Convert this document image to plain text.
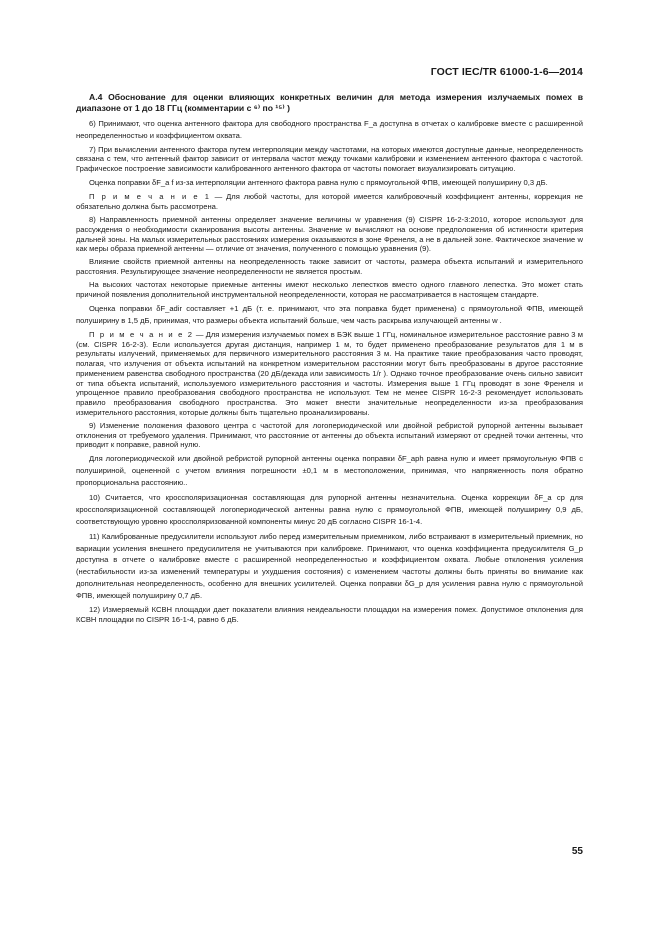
ГОСТ IEC/TR 61000-1-6—2014

А.4 Обоснование для оценки влияющих конкретных величин для метода измерения излучаемых помех в диапазоне от 1 до 18 ГГц (комментарии с ⁶⁾ по ¹⁵⁾ )

6) Принимают, что оценка антенного фактора для свободного пространства F_a доступна в отчетах о калибровке вместе с расширенной неопределенностью и коэффициентом охвата.

7) При вычислении антенного фактора путем интерполяции между частотами, на которых имеются доступные данные, неопределенность связана с тем, что антенный фактор зависит от интервала частот между точками калибровки и изменением антенного фактора с частотой. Графическое построение зависимости калиброванного антенного фактора от частоты помогает визуализировать ситуацию.

Оценка поправки δF_a f из-за интерполяции антенного фактора равна нулю с прямоугольной ФПВ, имеющей полуширину 0,3 дБ.

П р и м е ч а н и е 1 — Для любой частоты, для которой имеется калибровочный коэффициент антенны, коррекция не обязательно должна быть рассмотрена.

8) Направленность приемной антенны определяет значение величины w уравнения (9) CISPR 16-2-3:2010, которое используют для рассуждения о необходимости сканирования высоты антенны. Значение w вычисляют на основе предположения об истинности критерия дальней зоны. На малых измерительных расстояниях измерения оказываются в зоне Френеля, а не в дальней зоне. Фактическое значение w как меры образа приемной антенны — отличие от значения, полученного с помощью уравнения (9).

Влияние свойств приемной антенны на неопределенность также зависит от частоты, размера объекта испытаний и измерительного расстояния. Результирующее значение неопределенности не является простым.

На высоких частотах некоторые приемные антенны имеют несколько лепестков вместо одного главного лепестка. Это может стать причиной появления дополнительной инструментальной неопределенности, которая не рассматривается в настоящем стандарте.

Оценка поправки δF_adir составляет +1 дБ (т. е. принимают, что эта поправка будет применена) с прямоугольной ФПВ, имеющей полуширину в 1,5 дБ, принимая, что размеры объекта испытаний больше, чем часть раскрыва излучающей антенны w .

П р и м е ч а н и е 2 — Для измерения излучаемых помех в БЭК выше 1 ГГц, номинальное измерительное расстояние равно 3 м (см. CISPR 16-2-3). Если используется другая дистанция, например 1 м, то будет применено преобразование результатов для 1 м в результаты излучений, применяемых для первичного измерительного расстояния 3 м. На практике такие преобразования часто проводят, полагая, что излучения от объекта испытаний на конкретном измерительном расстоянии могут быть преобразованы в другое расстояние применением равенства свободного пространства (20 дБ/декада или зависимость 1/r ). Однако точное преобразование очень сильно зависит от типа объекта испытаний, используемого измерительного расстояния и частоты. Измерения выше 1 ГГц проводят в зоне Френеля и упрощенное правило преобразования свободного пространства не используют. Тем не менее CISPR 16-2-3 рекомендует использовать правило преобразования свободного пространства. Это может внести значительные неопределенности из-за преобразования измерительного расстояния, которые должны быть тщательно проанализированы.

9) Изменение положения фазового центра с частотой для логопериодической или двойной ребристой рупорной антенны вызывает отклонения от требуемого удаления. Принимают, что расстояние от антенны до объекта испытаний измеряют от средней точки антенны, что приводит к поправке, равной нулю.

Для логопериодической или двойной ребристой рупорной антенны оценка поправки δF_aph равна нулю и имеет прямоугольную ФПВ с полушириной, оцененной с учетом влияния погрешности ±0,1 м в местоположении, принимая, что напряженность поля обратно пропорциональна расстоянию..

10) Считается, что кроссполяризационная составляющая для рупорной антенны незначительна. Оценка коррекции δF_a cp для кроссполяризационной составляющей логопериодической антенны равна нулю с прямоугольной ФПВ, имеющей полуширину 0,9 дБ, соответствующую уровню кроссполяризованной компоненты минус 20 дБ согласно CISPR 16-1-4.

11) Калиброванные предусилители используют либо перед измерительным приемником, либо встраивают в измерительный приемник, но вариации усиления внешнего предусилителя не учитываются при калибровке. Принимают, что оценка коэффициента предусилителя G_p доступна в отчете о калибровке вместе с расширенной неопределенностью и коэффициентом охвата. Любые отклонения усиления (нестабильности из-за изменений температуры и ухудшения состояния) с изменением частоты должны быть приняты во внимание как дополнительная неопределенность, особенно для внешних усилителей. Оценка поправки δG_p для усиления равна нулю с прямоугольной ФПВ, имеющей полуширину 0,7 дБ.

12) Измеряемый КСВН площадки дает показатели влияния неидеальности площадки на измерения помех. Допустимое отклонения для КСВН площадки по CISPR 16-1-4, равно 6 дБ.

55
